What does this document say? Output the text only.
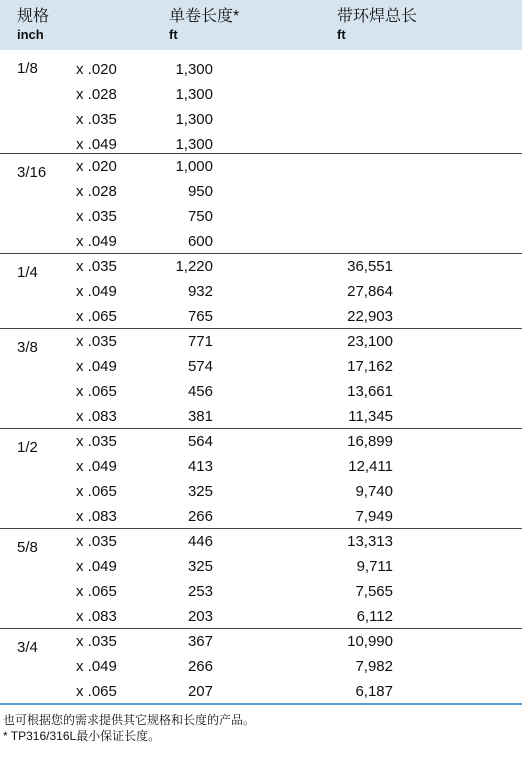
规格
inch
单卷长度*
ft
带环焊总长
ft
1/8	x .020	1,300
x .028	1,300
x .035	1,300
x .049	1,300
3/16 x .020	1,000
x .028	950
x .035	750
x .049	600
1/4	x .035	1,220	36,551
x .049	932	27,864
x .065	765	22,903
3/8	x .035	771	23,100
x .049	574	17,162
x .065	456	13,661
x .083	381	11,345
1/2	x .035	564	16,899
x .049	413	12,411
x .065	325	9,740
x .083	266	7,949
5/8	x .035	446	13,313
x .049	325	9,711
x .065	253	7,565
x .083	203	6,112
3/4	x .035	367	10,990
x .049	266	7,982
x .065	207	6,187
也可根据您的需求提供其它规格和长度的产品。
* TP316/316L最小保证长度。
